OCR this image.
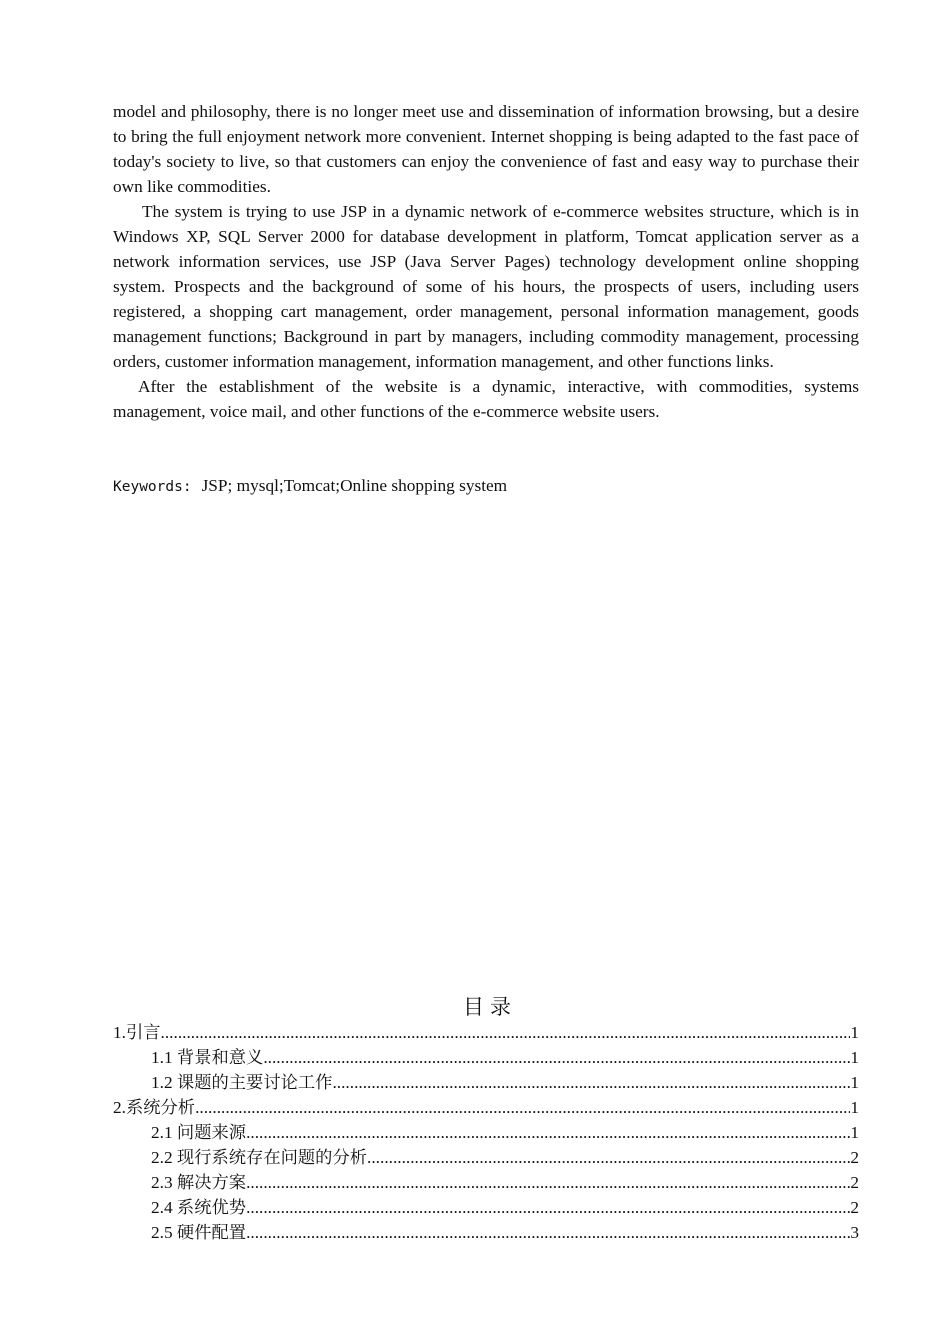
model and philosophy, there is no longer meet use and dissemination of information browsing, but a desire to bring the full enjoyment network more convenient. Internet shopping is being adapted to the fast pace of today's society to live, so that customers can enjoy the convenience of fast and easy way to purchase their own like commodities.

The system is trying to use JSP in a dynamic network of e-commerce websites structure, which is in Windows XP, SQL Server 2000 for database development in platform, Tomcat application server as a network information services, use JSP (Java Server Pages) technology development online shopping system. Prospects and the background of some of his hours, the prospects of users, including users registered, a shopping cart management, order management, personal information management, goods management functions; Background in part by managers, including commodity management, processing orders, customer information management, information management, and other functions links.

After the establishment of the website is a dynamic, interactive, with commodities, systems management, voice mail, and other functions of the e-commerce website users.

Keywords: JSP; mysql;Tomcat;Online shopping system
目录
1.引言 .....	1
1.1 背景和意义 .....	1
1.2 课题的主要讨论工作 .....	1
2.系统分析 .....	1
2.1 问题来源 .....	1
2.2 现行系统存在问题的分析 .....	2
2.3 解决方案 .....	2
2.4 系统优势 .....	2
2.5 硬件配置 .....	3
